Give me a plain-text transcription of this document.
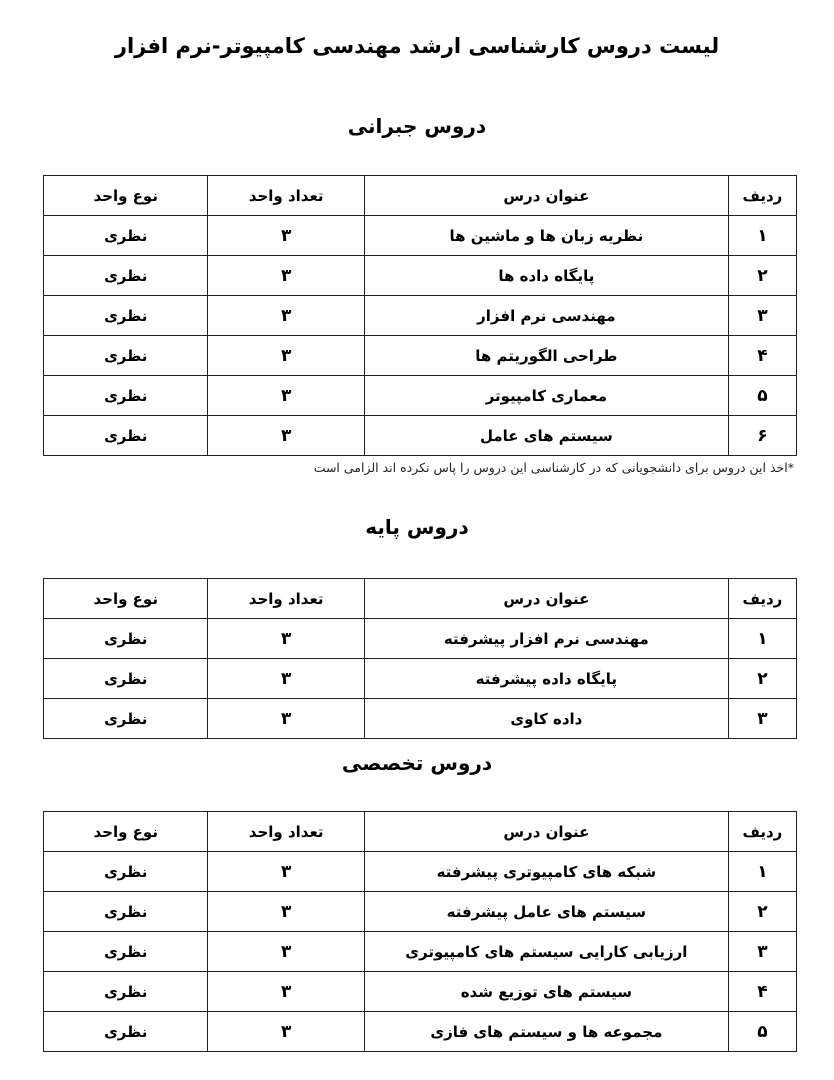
لیست دروس کارشناسی ارشد مهندسی کامپیوتر-نرم افزار
دروس جبرانی
ردیف	عنوان درس	تعداد واحد	نوع واحد
۱	نظریه زبان ها و ماشین ها	۳	نظری
۲	پایگاه داده ها	۳	نظری
۳	مهندسی نرم افزار	۳	نظری
۴	طراحی الگوریتم ها	۳	نظری
۵	معماری کامپیوتر	۳	نظری
۶	سیستم های عامل	۳	نظری
*اخذ این دروس برای دانشجویانی که در کارشناسی این دروس را پاس نکرده اند الزامی است
دروس پایه
ردیف	عنوان درس	تعداد واحد	نوع واحد
۱	مهندسی نرم افزار پیشرفته	۳	نظری
۲	پایگاه داده پیشرفته	۳	نظری
۳	داده کاوی	۳	نظری
دروس تخصصی
ردیف	عنوان درس	تعداد واحد	نوع واحد
۱	شبکه های کامپیوتری پیشرفته	۳	نظری
۲	سیستم های عامل پیشرفته	۳	نظری
۳	ارزیابی کارایی سیستم های کامپیوتری	۳	نظری
۴	سیستم های توزیع شده	۳	نظری
۵	مجموعه ها و سیستم های فازی	۳	نظری
